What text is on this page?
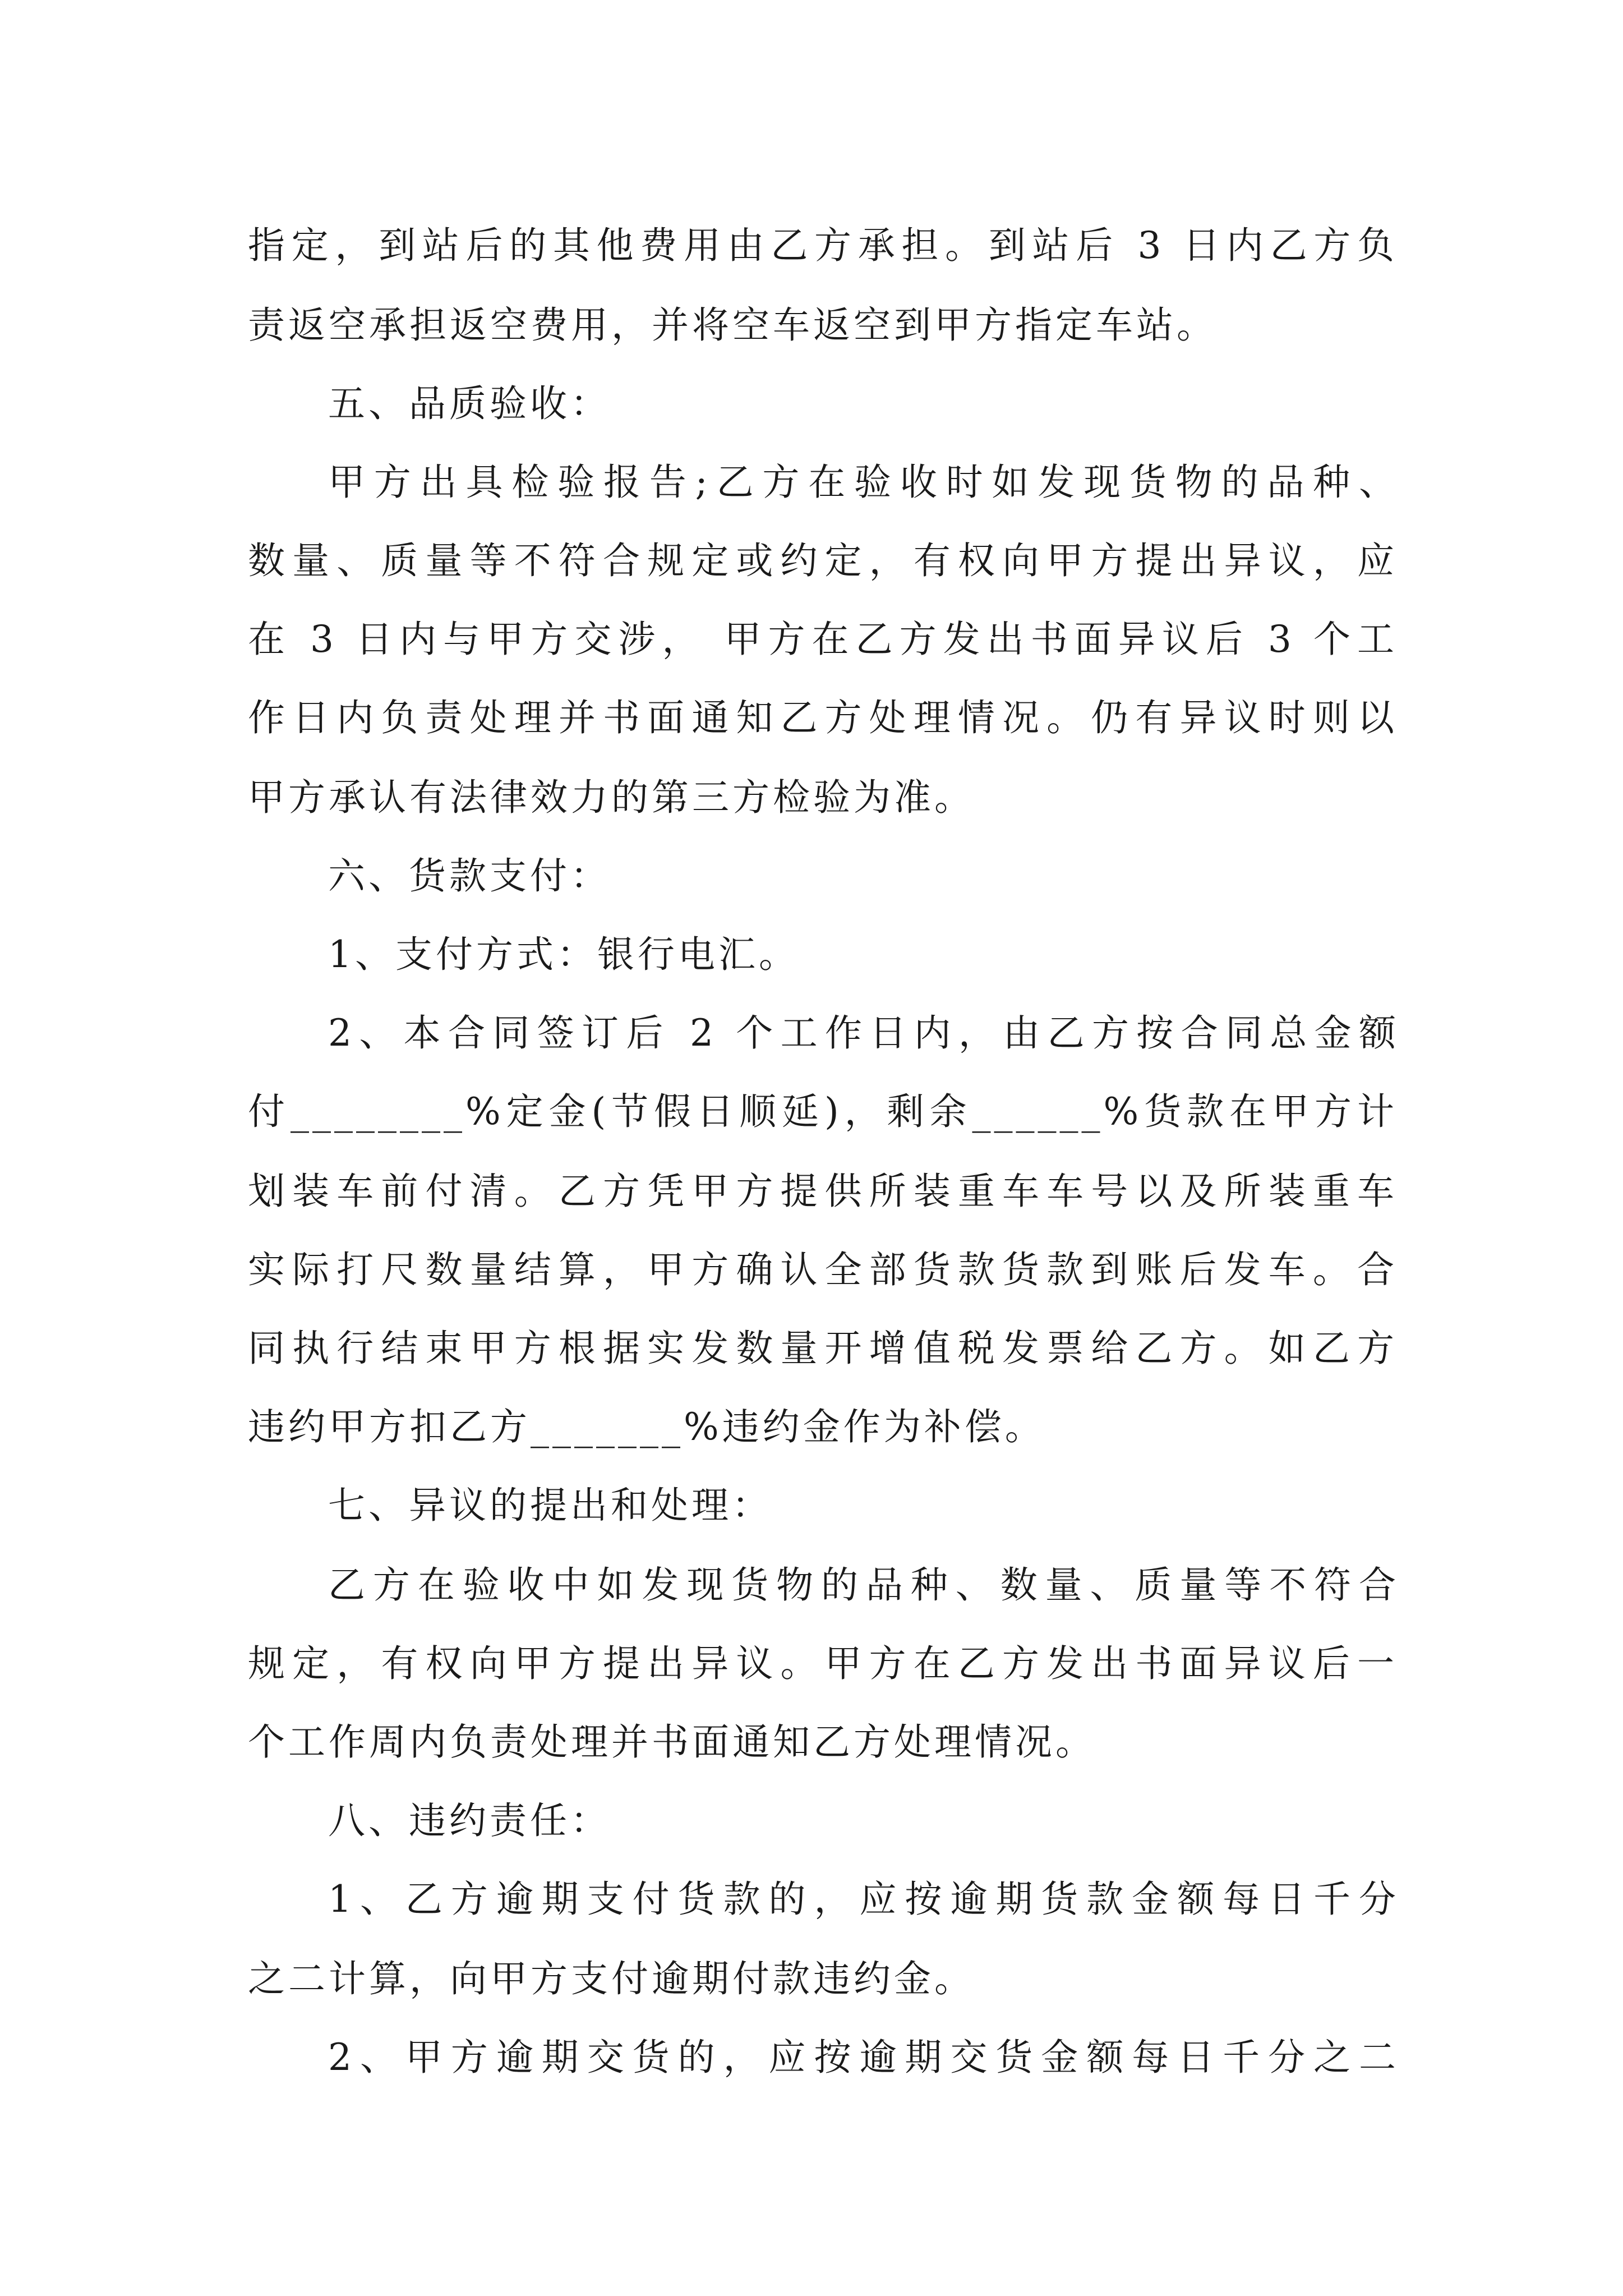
指定，到站后的其他费用由乙方承担。到站后 3 日内乙方负
责返空承担返空费用，并将空车返空到甲方指定车站。
五、品质验收：
甲方出具检验报告;乙方在验收时如发现货物的品种、
数量、质量等不符合规定或约定，有权向甲方提出异议，应
在 3 日内与甲方交涉， 甲方在乙方发出书面异议后 3 个工
作日内负责处理并书面通知乙方处理情况。仍有异议时则以
甲方承认有法律效力的第三方检验为准。
六、货款支付：
1、支付方式：银行电汇。
2、本合同签订后 2 个工作日内，由乙方按合同总金额
付________%定金(节假日顺延)，剩余______%货款在甲方计
划装车前付清。乙方凭甲方提供所装重车车号以及所装重车
实际打尺数量结算，甲方确认全部货款货款到账后发车。合
同执行结束甲方根据实发数量开增值税发票给乙方。如乙方
违约甲方扣乙方_______%违约金作为补偿。
七、异议的提出和处理：
乙方在验收中如发现货物的品种、数量、质量等不符合
规定，有权向甲方提出异议。甲方在乙方发出书面异议后一
个工作周内负责处理并书面通知乙方处理情况。
八、违约责任：
1、乙方逾期支付货款的，应按逾期货款金额每日千分
之二计算，向甲方支付逾期付款违约金。
2、甲方逾期交货的，应按逾期交货金额每日千分之二
